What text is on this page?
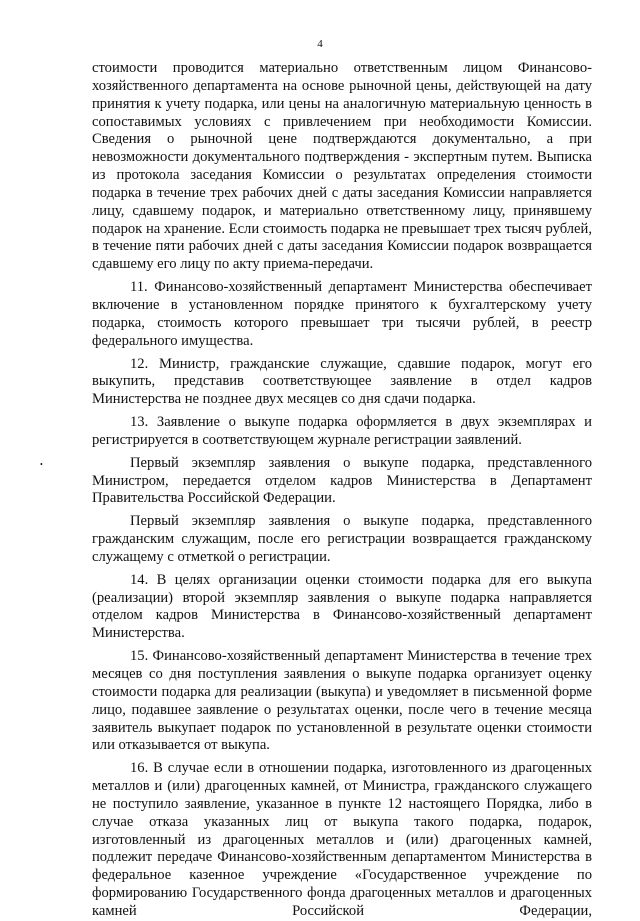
4

стоимости проводится материально ответственным лицом Финансово-хозяйственного департамента на основе рыночной цены, действующей на дату принятия к учету подарка, или цены на аналогичную материальную ценность в сопоставимых условиях с привлечением при необходимости Комиссии. Сведения о рыночной цене подтверждаются документально, а при невозможности документального подтверждения - экспертным путем. Выписка из протокола заседания Комиссии о результатах определения стоимости подарка в течение трех рабочих дней с даты заседания Комиссии направляется лицу, сдавшему подарок, и материально ответственному лицу, принявшему подарок на хранение. Если стоимость подарка не превышает трех тысяч рублей, в течение пяти рабочих дней с даты заседания Комиссии подарок возвращается сдавшему его лицу по акту приема-передачи.

11. Финансово-хозяйственный департамент Министерства обеспечивает включение в установленном порядке принятого к бухгалтерскому учету подарка, стоимость которого превышает три тысячи рублей, в реестр федерального имущества.

12. Министр, гражданские служащие, сдавшие подарок, могут его выкупить, представив соответствующее заявление в отдел кадров Министерства не позднее двух месяцев со дня сдачи подарка.

13. Заявление о выкупе подарка оформляется в двух экземплярах и регистрируется в соответствующем журнале регистрации заявлений.

Первый экземпляр заявления о выкупе подарка, представленного Министром, передается отделом кадров Министерства в Департамент Правительства Российской Федерации.

Первый экземпляр заявления о выкупе подарка, представленного гражданским служащим, после его регистрации возвращается гражданскому служащему с отметкой о регистрации.

14. В целях организации оценки стоимости подарка для его выкупа (реализации) второй экземпляр заявления о выкупе подарка направляется отделом кадров Министерства в Финансово-хозяйственный департамент Министерства.

15. Финансово-хозяйственный департамент Министерства в течение трех месяцев со дня поступления заявления о выкупе подарка организует оценку стоимости подарка для реализации (выкупа) и уведомляет в письменной форме лицо, подавшее заявление о результатах оценки, после чего в течение месяца заявитель выкупает подарок по установленной в результате оценки стоимости или отказывается от выкупа.

16. В случае если в отношении подарка, изготовленного из драгоценных металлов и (или) драгоценных камней, от Министра, гражданского служащего не поступило заявление, указанное в пункте 12 настоящего Порядка, либо в случае отказа указанных лиц от выкупа такого подарка, подарок, изготовленный из драгоценных металлов и (или) драгоценных камней, подлежит передаче Финансово-хозяйственным департаментом Министерства в федеральное казенное учреждение «Государственное учреждение по формированию Государственного фонда драгоценных металлов и драгоценных камней Российской Федерации,

•
